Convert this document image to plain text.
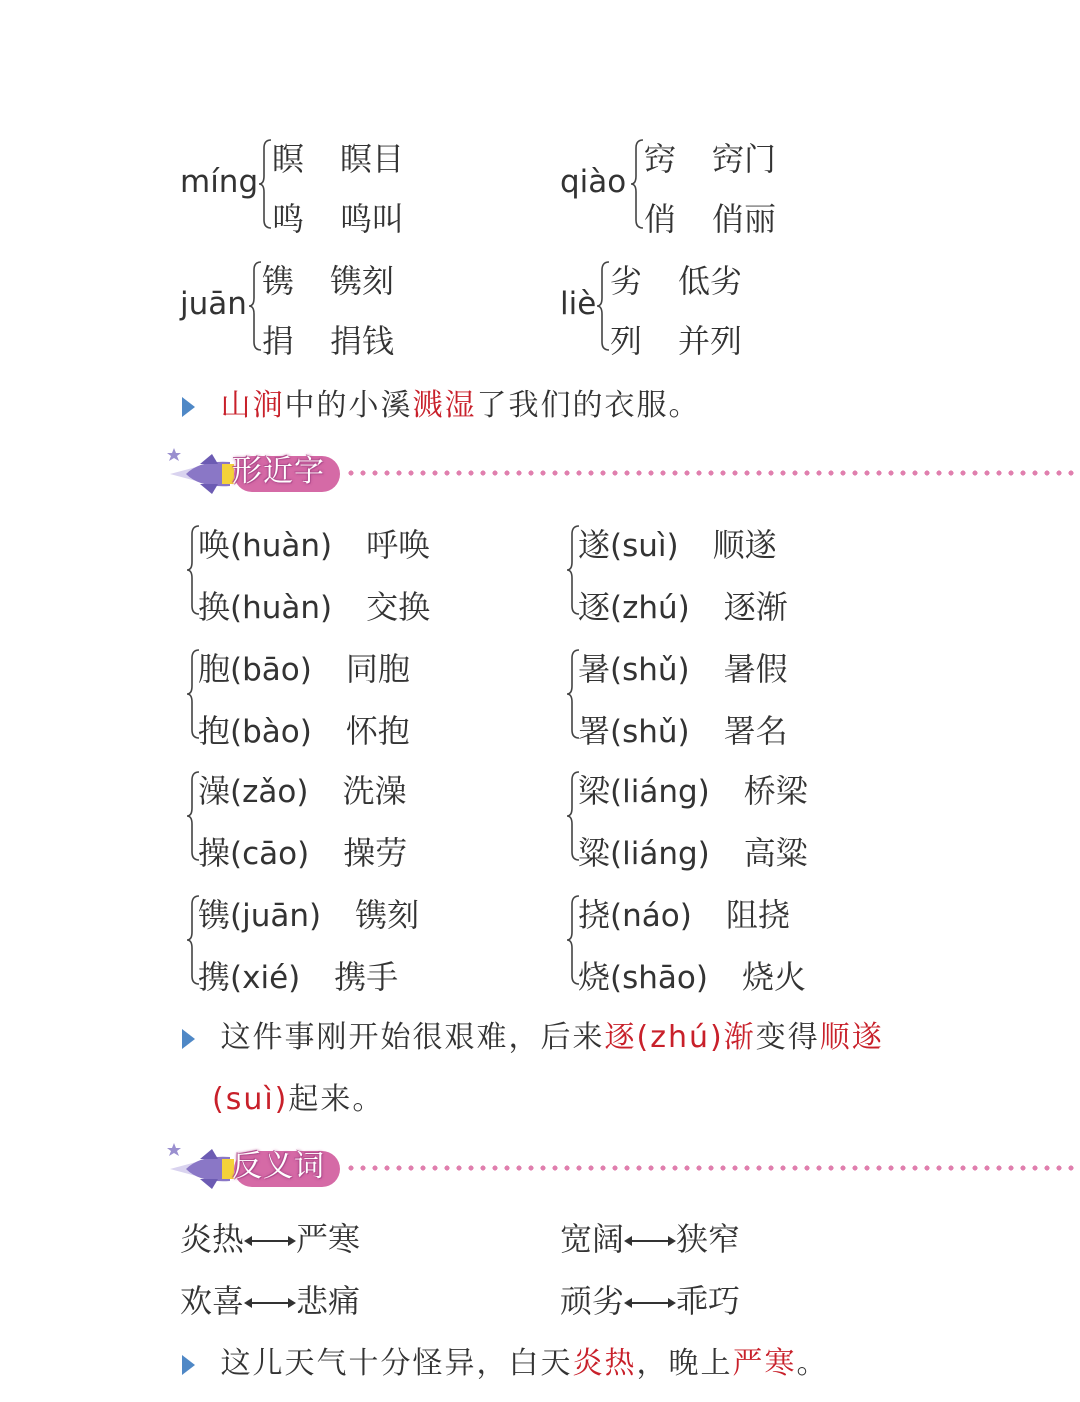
míng
瞑 瞑目
鸣 鸣叫
qiào
窍 窍门
俏 俏丽
juān
镌 镌刻
捐 捐钱
liè
劣 低劣
列 并列
山涧中的小溪溅湿了我们的衣服。
形近字
唤(huàn) 呼唤
换(huàn) 交换
遂(suì) 顺遂
逐(zhú) 逐渐
胞(bāo) 同胞
抱(bào) 怀抱
暑(shǔ) 暑假
署(shǔ) 署名
澡(zǎo) 洗澡
操(cāo) 操劳
梁(liáng) 桥梁
粱(liáng) 高粱
镌(juān) 镌刻
携(xié) 携手
挠(náo) 阻挠
烧(shāo) 烧火
这件事刚开始很艰难，后来逐(zhú)渐变得顺遂
(suì)起来。
反义词
炎热 严寒	宽阔 狭窄
欢喜 悲痛	顽劣 乖巧
这儿天气十分怪异，白天炎热，晚上严寒。
